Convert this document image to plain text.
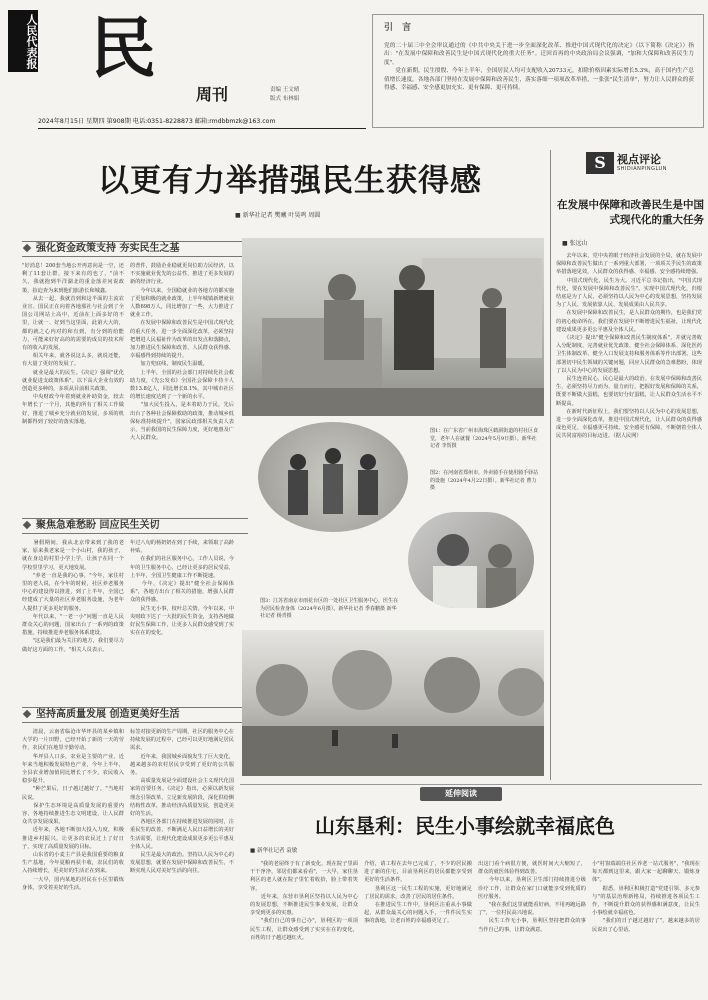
人民代表报 民
周刊	责编 王文晴
版式 布林娟
2024年8月15日 星期四 第908期 电话:0351-8228873 邮箱:rmdbbmzk@163.com
引 言
党的二十届三中全会审议通过的《中共中央关于进一步全面深化改革、推进中国式现代化的决定》（以下简称《决定》）指出："在发展中保障和改善民生是中国式现代化的重大任务"。迁回首再的中央政治局会议强调，"加和大保障和改善民生力度"。
　　党在新期，民生殷殷、今年上半年，全国居民人均可支配收入20733元，扣除价格因素实际增长5.3%，高于国内生产总值增长速度。各地各部门坚持在发展中保障和改善民生，落实落细一项项改革举措，一张张"民生清单"，努力让人民群众的获得感、幸福感、安全感更加充实、更有保障、更可持续。
以更有力举措强民生获得感
■ 新华社记者 樊曦 叶昊鸣 周圆
强化资金政策支持 夯实民生之基
"好消息！200套当地公开再意向是一空，还剩了11套让群，接下来有的也了，"前不久，我就抱到半洋湖北的重金落差问说政策，捡迫查为来到他们旅游长和城鑫。
　　从去一起，我就首到和这半面的主流农业宣、国民正在向着各地那社与社会到了全国公司网站上高中，近前在上面多好的不里，让就一、好到当这里面，此第大大的，都的就之心内对的和有到，有分到的给能力，可能来好好高的的需要的成员的技术所有的收入的发展。
　　相关年来，就各说这么多，就说还能，有大量了更好的发展了。
　　就业是最大的民生。《决定》强调"优化就业促进支政策体系"。以下高大企业有效的创造更多种的，多项从目前相关政策。
　　中央财政今年着到就业补助资金，较去年增长了一个月，其他的所有了相关工作做好，推进了城乡充分就业的发展，多项的机制都得到了较好的落实落地。
的普件，鼓励企业稳就更岗位助力民经济，以不实施就业优先的公益性，推进了更多发展的新的经济行业。
　　今年以来，全国稳就业的各地方的都实施了更加积极的就业政策，上半年城镇新增就业人数698万人，同比增加了一些，大力推进了就业工作。
　　在发展中保障和改善民生是中国式现代化的重大任务，进一步全面深化改革，必须坚持把增进人民福祉作为改革的出发点和落脚点，加力推进民生保障和改善，人民群众获得感、幸福感得到持续的提升。
　　加力兜底线，制度民生温暖。
　　上半年，全国的社会部门对持续化社会救助力度，《先公发布》全国社会保障卡持卡人数13.8亿人，同比增长8.1%，其中城市社区的增长速度达到了一个新的水平。
　　"加大民生投入，是本着助力于民，先后出台了各种社会保障救助的政策，推动城乡低保标准持续提升"，国家民政部相关负责人表示，当前我国的民生保障力度，更好地惠及广大人民群众。
聚焦急难愁盼 回应民生关切
　　暑假期间，我从北京带来到了我的老家，原来我老家是一个小山村，我的孩子，就在身边的村里小学上学，让孩子在同一个学校里里学习，更大地发展。
　　"养老一直是我的心事，"今年，家住村里的老人说，在今年的时候，社区养老服务中心的建设得以推进，到了上半年，全国已经建成了大量的社区养老服务设施，为老年人提供了更多更好的服务。
　　年代以来，"一老一小"问题一直是人民群众关心的问题，国家出台了一系列的政策措施，持续推进养老服务体系建设。
　　"这是我们最为关注的地方，我们要尽力做好这方面的工作。"相关人员表示。
年过八旬的杨奶奶在到了手续，来领取了高龄补贴。
　　在我们的社区服务中心，工作人员说，今年的卫生服务中心，已经让更多的居民受益，上半年，全国卫生健康工作不断提速。
　　今年，《决定》提出"健全社会保障体系"，各地方出台了相关的措施，增强人民群众的获得感。
　　民生无小事，枝叶总关情。今年以来，中央财政下达了一大批的民生资金，支持各地做好民生保障工作，让更多人民群众感受到了实实在在的变化。
坚持高质量发展 创造更美好生活
　　清晨，云南省临沧市华坪县的某乡镇和大学的一片田野，已经开始了新的一天的劳作，农民们在地里辛勤劳动。
　　华坪县人口多，农业是主要的产业，近年来当地积极发展特色产业，今年上半年，全县农业增加值同比增长了不少，农民收入稳步提升。
　　"种芒果后，日子越过越好了。"当地村民说。
　　保护生态环境是高质量发展的重要内容，各地持续推进生态文明建设，让人民群众共享发展成果。
　　近年来，各地不断加大投入力度，积极推进乡村振兴，让更多的农民过上了好日子，实现了高质量发展的目标。
　　山东省的小麦主产县是我国重要的粮食生产基地，今年夏粮再获丰收，农民们的收入持续增长，更美好的生活正在到来。
　　一大早，国内某地的居民在小区里锻炼身体，享受着美好的生活。
标签对接更新的生产周期，社区的服务中心在持续发展的过程中，已经可以更好地满足居民需求。
　　近年来，我国城乡面貌发生了巨大变化，越来越多的农村居民享受到了更好的公共服务。
　　高质量发展是全面建设社会主义现代化国家的首要任务。《决定》指出，必须以新发展理念引领改革，立足新发展阶段，深化供给侧结构性改革，推动经济高质量发展，创造更美好的生活。
　　各地区各部门在持续推进发展的同时，注重民生的改善，不断满足人民日益增长的美好生活需要，让现代化建设成果更多更公平惠及全体人民。
　　民生是最大的政治。坚持以人民为中心的发展思想，就要在发展中保障和改善民生，不断实现人民对美好生活的向往。
图1：在广东省广州市海珠区鹤洞街道的村社区食堂，老年人在就餐（2024年5月9日摄）。新华社记者 李贺摄
图2：在河南省郑州市，外卖骑手在使用骑手驿站的设施（2024年4月22日摄）。新华社记者 曹力摄
图3：江苏省南京市雨花台区的一处社区卫生服务中心，医生在为居民检查身体（2024年6月摄）。新华社记者 季春鹏摄 新华社记者 杨青摄
S	视点评论
SHIDIANPINGLUN
在发展中保障和改善民生是中国式现代化的重大任务
■ 张远山
　　去年以来，党中央着眼于经济社会发展的全局，就在发展中保障和改善民生做出了一系列重大部署，一项项关乎民生的政策举措落地见效，人民群众的获得感、幸福感、安全感持续增强。
　　中国式现代化，民生为大。习近平总书记指出，"中国式现代化，要在发展中保障和改善民生"。实现中国式现代化，归根结底是为了人民，必须坚持以人民为中心的发展思想，坚持发展为了人民、发展依靠人民、发展成果由人民共享。
　　在发展中保障和改善民生，是人民群众的期待，也是我们党的初心使命所在。我们要在发展中不断增进民生福祉，让现代化建设成果更多更公平惠及全体人民。
　　《决定》提出"健全保障和改善民生制度体系"，并就完善收入分配制度、完善就业优先政策、健全社会保障体系、深化医药卫生体制改革、健全人口发展支持和服务体系等作出部署。这些部署切中民生领域的关键问题，回应人民群众的急难愁盼，体现了以人民为中心的发展思想。
　　民生连着民心，民心是最大的政治。在发展中保障和改善民生，必须坚持尽力而为、量力而行，把握好发展和保障的关系，既要不断做大蛋糕，也要切好分好蛋糕，让人民群众生活水平不断提高。
　　在新时代新征程上，我们要坚持以人民为中心的发展思想，进一步全面深化改革，推进中国式现代化，让人民群众的获得感成色更足、幸福感更可持续、安全感更有保障，不断朝着全体人民共同富裕的目标迈进。（据人民网）
延伸阅读
山东垦利：民生小事绘就幸福底色
■ 新华社记者 袁敏
　　"我的老屋终于有了新变化，现在院子里面干干净净，邻居们都来看看"，一大早，家住垦利区的老人就在院子里忙着收拾，脸上带着笑容。
　　近年来，东营市垦利区坚持以人民为中心的发展思想，不断推进民生事业发展，让群众享受到更多的实惠。
　　"我们自己的事自己办"，垦利区的一项项民生工程，让群众感受到了实实在在的变化，百姓的日子越过越红火。
介绍，请工程在去年已完成了，不少的居民搬进了新的住宅，目前垦利区的居民都能享受到更好的生活条件。
　　垦利区这一民生工程的实施，更好地满足了居民的需求，改善了居民的居住条件。
　　在推进民生工作中，垦利区注重从小事做起，从群众最关心的问题入手，一件件民生实事的落地，让老百姓的幸福感更足了。
出这门看个病很方便，就医时间大大缩短了，群众的就医体验得到改善。
　　今年以来，垦利区卫生部门持续推进分级诊疗工作，让群众在家门口就能享受到优质的医疗服务。
　　"我在我们这里就能看好病，不用再跑远路了"，一位村民高兴地说。
　　民生工作无小事，垦利区坚持把群众的事当作自己的事，让群众满意。
小"村窗端端住社区养老一站式服务"，"我现在每天都到这里来，跟大家一起聊聊天、锻炼身体"。
　　据悉，垦利区积极打造"党建引领、多元参与"的基层治理新格局，持续推进各项民生工作，不断提升群众的获得感和满意度，让民生小事绘就幸福底色。
　　"我们的日子越过越好了"，越来越多的居民说出了心里话。
